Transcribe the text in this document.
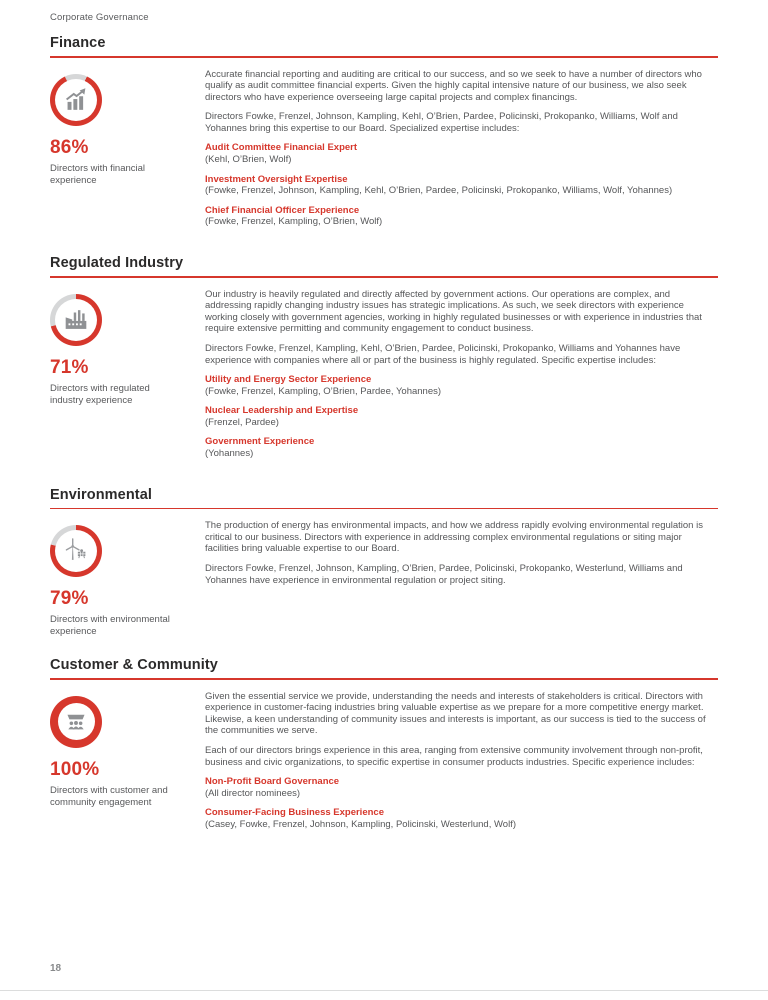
Corporate Governance

Finance
86%
Directors with financial experience

Accurate financial reporting and auditing are critical to our success, and so we seek to have a number of directors who qualify as audit committee financial experts. Given the highly capital intensive nature of our business, we also seek directors who have experience overseeing large capital projects and complex financings.

Directors Fowke, Frenzel, Johnson, Kampling, Kehl, O’Brien, Pardee, Policinski, Prokopanko, Williams, Wolf and Yohannes bring this expertise to our Board. Specialized expertise includes:

Audit Committee Financial Expert

(Kehl, O’Brien, Wolf)

Investment Oversight Expertise

(Fowke, Frenzel, Johnson, Kampling, Kehl, O’Brien, Pardee, Policinski, Prokopanko, Williams, Wolf, Yohannes)

Chief Financial Officer Experience

(Fowke, Frenzel, Kampling, O’Brien, Wolf)

Regulated Industry
71%
Directors with regulated industry experience

Our industry is heavily regulated and directly affected by government actions. Our operations are complex, and addressing rapidly changing industry issues has strategic implications. As such, we seek directors with experience working closely with government agencies, working in highly regulated businesses or with experience in industries that require extensive permitting and community engagement to conduct business.

Directors Fowke, Frenzel, Kampling, Kehl, O’Brien, Pardee, Policinski, Prokopanko, Williams and Yohannes have experience with companies where all or part of the business is highly regulated. Specific expertise includes:

Utility and Energy Sector Experience

(Fowke, Frenzel, Kampling, O’Brien, Pardee, Yohannes)

Nuclear Leadership and Expertise

(Frenzel, Pardee)

Government Experience

(Yohannes)

Environmental
79%
Directors with environmental experience

The production of energy has environmental impacts, and how we address rapidly evolving environmental regulation is critical to our business. Directors with experience in addressing complex environmental regulations or siting major facilities bring valuable expertise to our Board.

Directors Fowke, Frenzel, Johnson, Kampling, O’Brien, Pardee, Policinski, Prokopanko, Westerlund, Williams and Yohannes have experience in environmental regulation or project siting.

Customer & Community
100%
Directors with customer and community engagement

Given the essential service we provide, understanding the needs and interests of stakeholders is critical. Directors with experience in customer-facing industries bring valuable expertise as we prepare for a more competitive energy market. Likewise, a keen understanding of community issues and interests is important, as our success is tied to the success of the communities we serve.

Each of our directors brings experience in this area, ranging from extensive community involvement through non-profit, business and civic organizations, to specific expertise in consumer products industries. Specific experience includes:

Non-Profit Board Governance

(All director nominees)

Consumer-Facing Business Experience

(Casey, Fowke, Frenzel, Johnson, Kampling, Policinski, Westerlund, Wolf)

18
